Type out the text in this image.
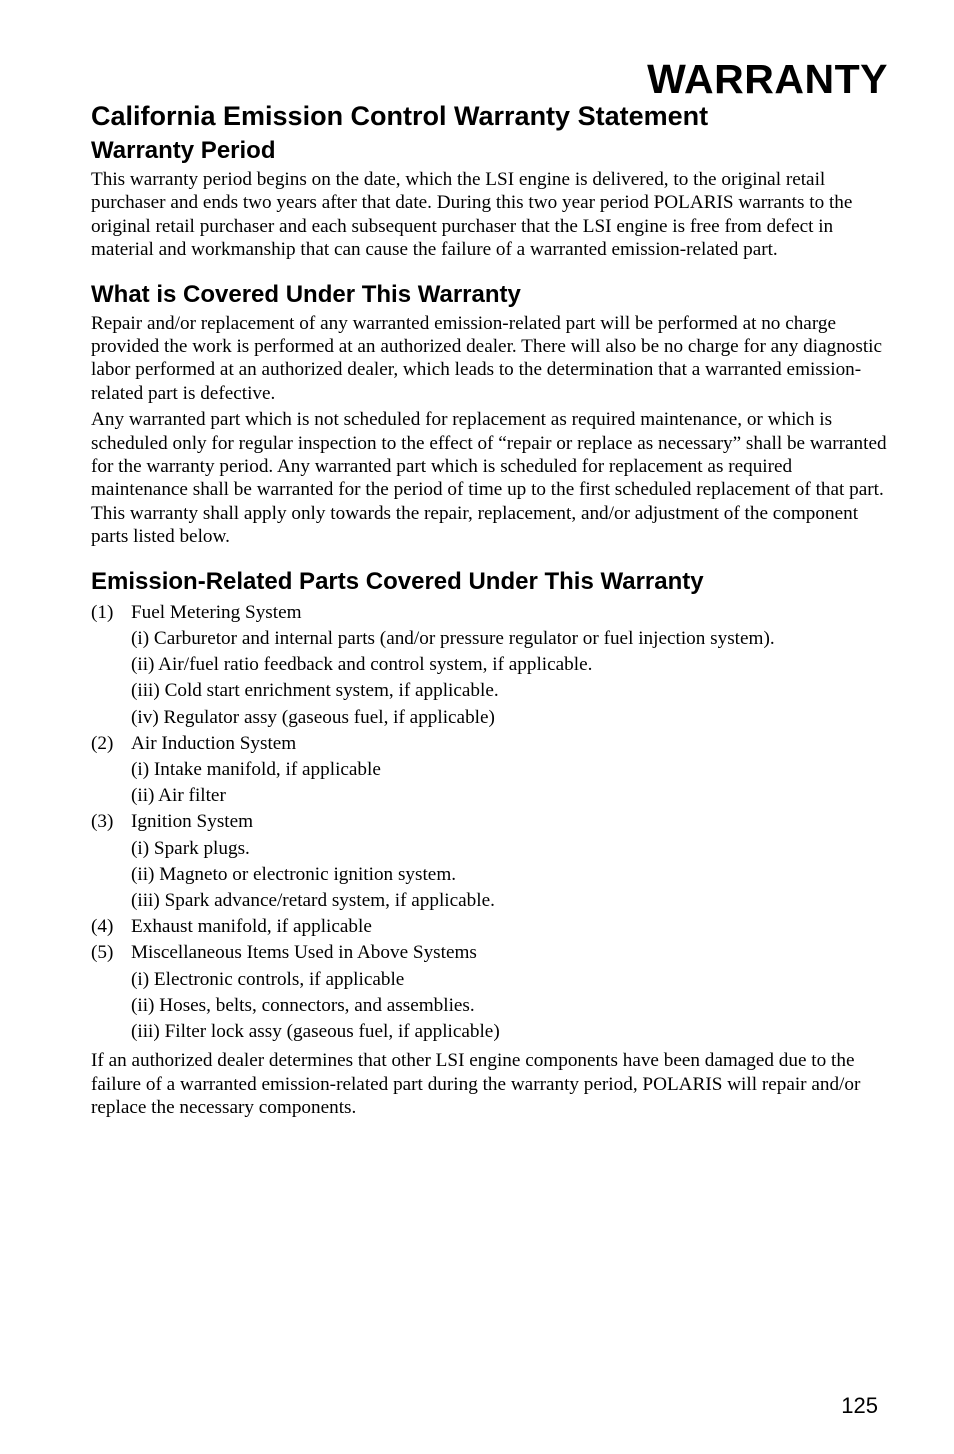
WARRANTY
California Emission Control Warranty Statement
Warranty Period

This warranty period begins on the date, which the LSI engine is delivered, to the original retail purchaser and ends two years after that date. During this two year period POLARIS warrants to the original retail purchaser and each subsequent purchaser that the LSI engine is free from defect in material and workmanship that can cause the failure of a warranted emission-related part.

What is Covered Under This Warranty

Repair and/or replacement of any warranted emission-related part will be performed at no charge provided the work is performed at an authorized dealer. There will also be no charge for any diagnostic labor performed at an authorized dealer, which leads to the determination that a warranted emission-related part is defective.

Any warranted part which is not scheduled for replacement as required maintenance, or which is scheduled only for regular inspection to the effect of “repair or replace as necessary” shall be warranted for the warranty period. Any warranted part which is scheduled for replacement as required maintenance shall be warranted for the period of time up to the first scheduled replacement of that part. This warranty shall apply only towards the repair, replacement, and/or adjustment of the component parts listed below.

Emission-Related Parts Covered Under This Warranty
(1) Fuel Metering System
(i) Carburetor and internal parts (and/or pressure regulator or fuel injection system).
(ii) Air/fuel ratio feedback and control system, if applicable.
(iii) Cold start enrichment system, if applicable.
(iv) Regulator assy (gaseous fuel, if applicable)
(2) Air Induction System
(i) Intake manifold, if applicable
(ii) Air filter
(3) Ignition System
(i) Spark plugs.
(ii) Magneto or electronic ignition system.
(iii) Spark advance/retard system, if applicable.
(4) Exhaust manifold, if applicable
(5) Miscellaneous Items Used in Above Systems
(i) Electronic controls, if applicable
(ii) Hoses, belts, connectors, and assemblies.
(iii) Filter lock assy (gaseous fuel, if applicable)

If an authorized dealer determines that other LSI engine components have been damaged due to the failure of a warranted emission-related part during the warranty period, POLARIS will repair and/or replace the necessary components.

125
